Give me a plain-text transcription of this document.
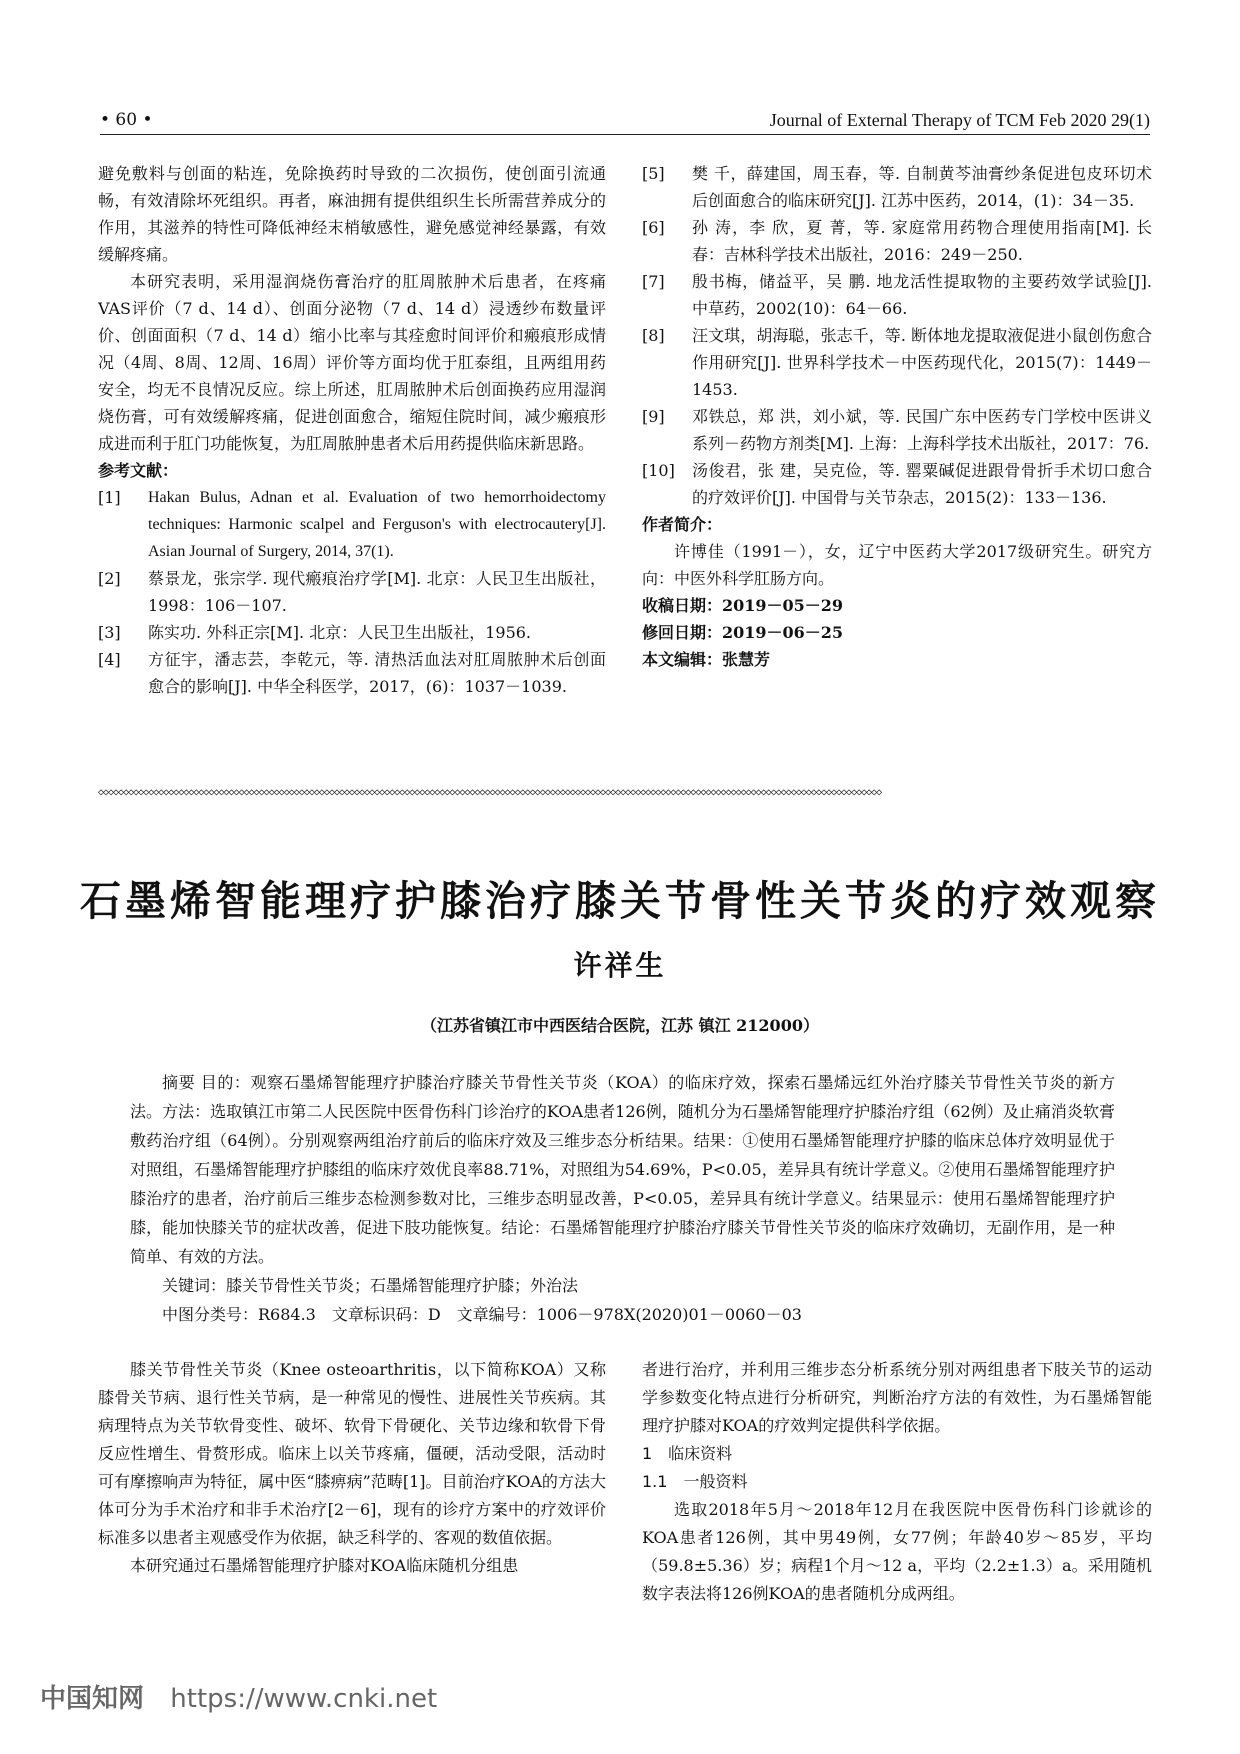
• 60 •	Journal of External Therapy of TCM Feb 2020 29(1)

避免敷料与创面的粘连，免除换药时导致的二次损伤，使创面引流通畅，有效清除坏死组织。再者，麻油拥有提供组织生长所需营养成分的作用，其滋养的特性可降低神经末梢敏感性，避免感觉神经暴露，有效缓解疼痛。

本研究表明，采用湿润烧伤膏治疗的肛周脓肿术后患者，在疼痛VAS评价（7 d、14 d）、创面分泌物（7 d、14 d）浸透纱布数量评价、创面面积（7 d、14 d）缩小比率与其痊愈时间评价和瘢痕形成情况（4周、8周、12周、16周）评价等方面均优于肛泰组，且两组用药安全，均无不良情况反应。综上所述，肛周脓肿术后创面换药应用湿润烧伤膏，可有效缓解疼痛，促进创面愈合，缩短住院时间，减少瘢痕形成进而利于肛门功能恢复，为肛周脓肿患者术后用药提供临床新思路。

参考文献：

[1]	Hakan Bulus, Adnan et al. Evaluation of two hemorrhoidectomy techniques: Harmonic scalpel and Ferguson's with electrocautery[J]. Asian Journal of Surgery, 2014, 37(1).
[2]	蔡景龙，张宗学. 现代瘢痕治疗学[M]. 北京：人民卫生出版社，1998：106－107.
[3]	陈实功. 外科正宗[M]. 北京：人民卫生出版社，1956.
[4]	方征宇，潘志芸，李乾元，等. 清热活血法对肛周脓肿术后创面愈合的影响[J]. 中华全科医学，2017，(6)：1037－1039.
[5]	樊 千，薛建国，周玉春，等. 自制黄芩油膏纱条促进包皮环切术后创面愈合的临床研究[J]. 江苏中医药，2014，(1)：34－35.
[6]	孙 涛，李 欣，夏 菁，等. 家庭常用药物合理使用指南[M]. 长春：吉林科学技术出版社，2016：249－250.
[7]	殷书梅，储益平，吴 鹏. 地龙活性提取物的主要药效学试验[J]. 中草药，2002(10)：64－66.
[8]	汪文琪，胡海聪，张志千，等. 断体地龙提取液促进小鼠创伤愈合作用研究[J]. 世界科学技术－中医药现代化，2015(7)：1449－1453.
[9]	邓铁总，郑 洪，刘小斌，等. 民国广东中医药专门学校中医讲义系列－药物方剂类[M]. 上海：上海科学技术出版社，2017：76.
[10]	汤俊君，张 建，吴克俭，等. 罂粟碱促进跟骨骨折手术切口愈合的疗效评价[J]. 中国骨与关节杂志，2015(2)：133－136.

作者简介：

许博佳（1991－），女，辽宁中医药大学2017级研究生。研究方向：中医外科学肛肠方向。

收稿日期：2019－05－29

修回日期：2019－06－25

本文编辑：张慧芳

◇◇◇◇◇◇◇◇◇◇◇◇◇◇◇◇◇◇◇◇◇◇◇◇◇◇◇◇◇◇◇◇◇◇◇◇◇◇◇◇◇◇◇◇◇◇◇◇◇◇◇◇◇◇◇◇◇◇◇◇◇◇◇◇◇◇◇◇◇◇◇◇◇◇◇◇◇◇◇◇◇◇◇◇◇◇◇◇◇◇◇◇◇◇◇◇◇◇◇◇◇◇◇◇◇◇◇◇◇◇◇◇◇◇◇◇◇◇◇◇◇◇◇◇◇◇◇◇◇◇◇◇◇◇◇◇◇◇◇◇◇◇◇◇◇◇◇◇◇◇◇◇◇◇◇◇
石墨烯智能理疗护膝治疗膝关节骨性关节炎的疗效观察
许祥生
（江苏省镇江市中西医结合医院，江苏 镇江 212000）

摘要 目的：观察石墨烯智能理疗护膝治疗膝关节骨性关节炎（KOA）的临床疗效，探索石墨烯远红外治疗膝关节骨性关节炎的新方法。方法：选取镇江市第二人民医院中医骨伤科门诊治疗的KOA患者126例，随机分为石墨烯智能理疗护膝治疗组（62例）及止痛消炎软膏敷药治疗组（64例）。分别观察两组治疗前后的临床疗效及三维步态分析结果。结果：①使用石墨烯智能理疗护膝的临床总体疗效明显优于对照组，石墨烯智能理疗护膝组的临床疗效优良率88.71%，对照组为54.69%，P<0.05，差异具有统计学意义。②使用石墨烯智能理疗护膝治疗的患者，治疗前后三维步态检测参数对比，三维步态明显改善，P<0.05，差异具有统计学意义。结果显示：使用石墨烯智能理疗护膝，能加快膝关节的症状改善，促进下肢功能恢复。结论：石墨烯智能理疗护膝治疗膝关节骨性关节炎的临床疗效确切，无副作用，是一种简单、有效的方法。

关键词：膝关节骨性关节炎；石墨烯智能理疗护膝；外治法

中图分类号：R684.3　文章标识码：D　文章编号：1006－978X(2020)01－0060－03

膝关节骨性关节炎（Knee osteoarthritis，以下简称KOA）又称膝骨关节病、退行性关节病，是一种常见的慢性、进展性关节疾病。其病理特点为关节软骨变性、破坏、软骨下骨硬化、关节边缘和软骨下骨反应性增生、骨赘形成。临床上以关节疼痛，僵硬，活动受限，活动时可有摩擦响声为特征，属中医“膝痹病”范畴[1]。目前治疗KOA的方法大体可分为手术治疗和非手术治疗[2－6]，现有的诊疗方案中的疗效评价标准多以患者主观感受作为依据，缺乏科学的、客观的数值依据。

本研究通过石墨烯智能理疗护膝对KOA临床随机分组患

者进行治疗，并利用三维步态分析系统分别对两组患者下肢关节的运动学参数变化特点进行分析研究，判断治疗方法的有效性，为石墨烯智能理疗护膝对KOA的疗效判定提供科学依据。

1　临床资料

1.1　一般资料

选取2018年5月～2018年12月在我医院中医骨伤科门诊就诊的KOA患者126例，其中男49例，女77例；年龄40岁～85岁，平均（59.8±5.36）岁；病程1个月～12 a，平均（2.2±1.3）a。采用随机数字表法将126例KOA的患者随机分成两组。

中国知网 https://www.cnki.net
